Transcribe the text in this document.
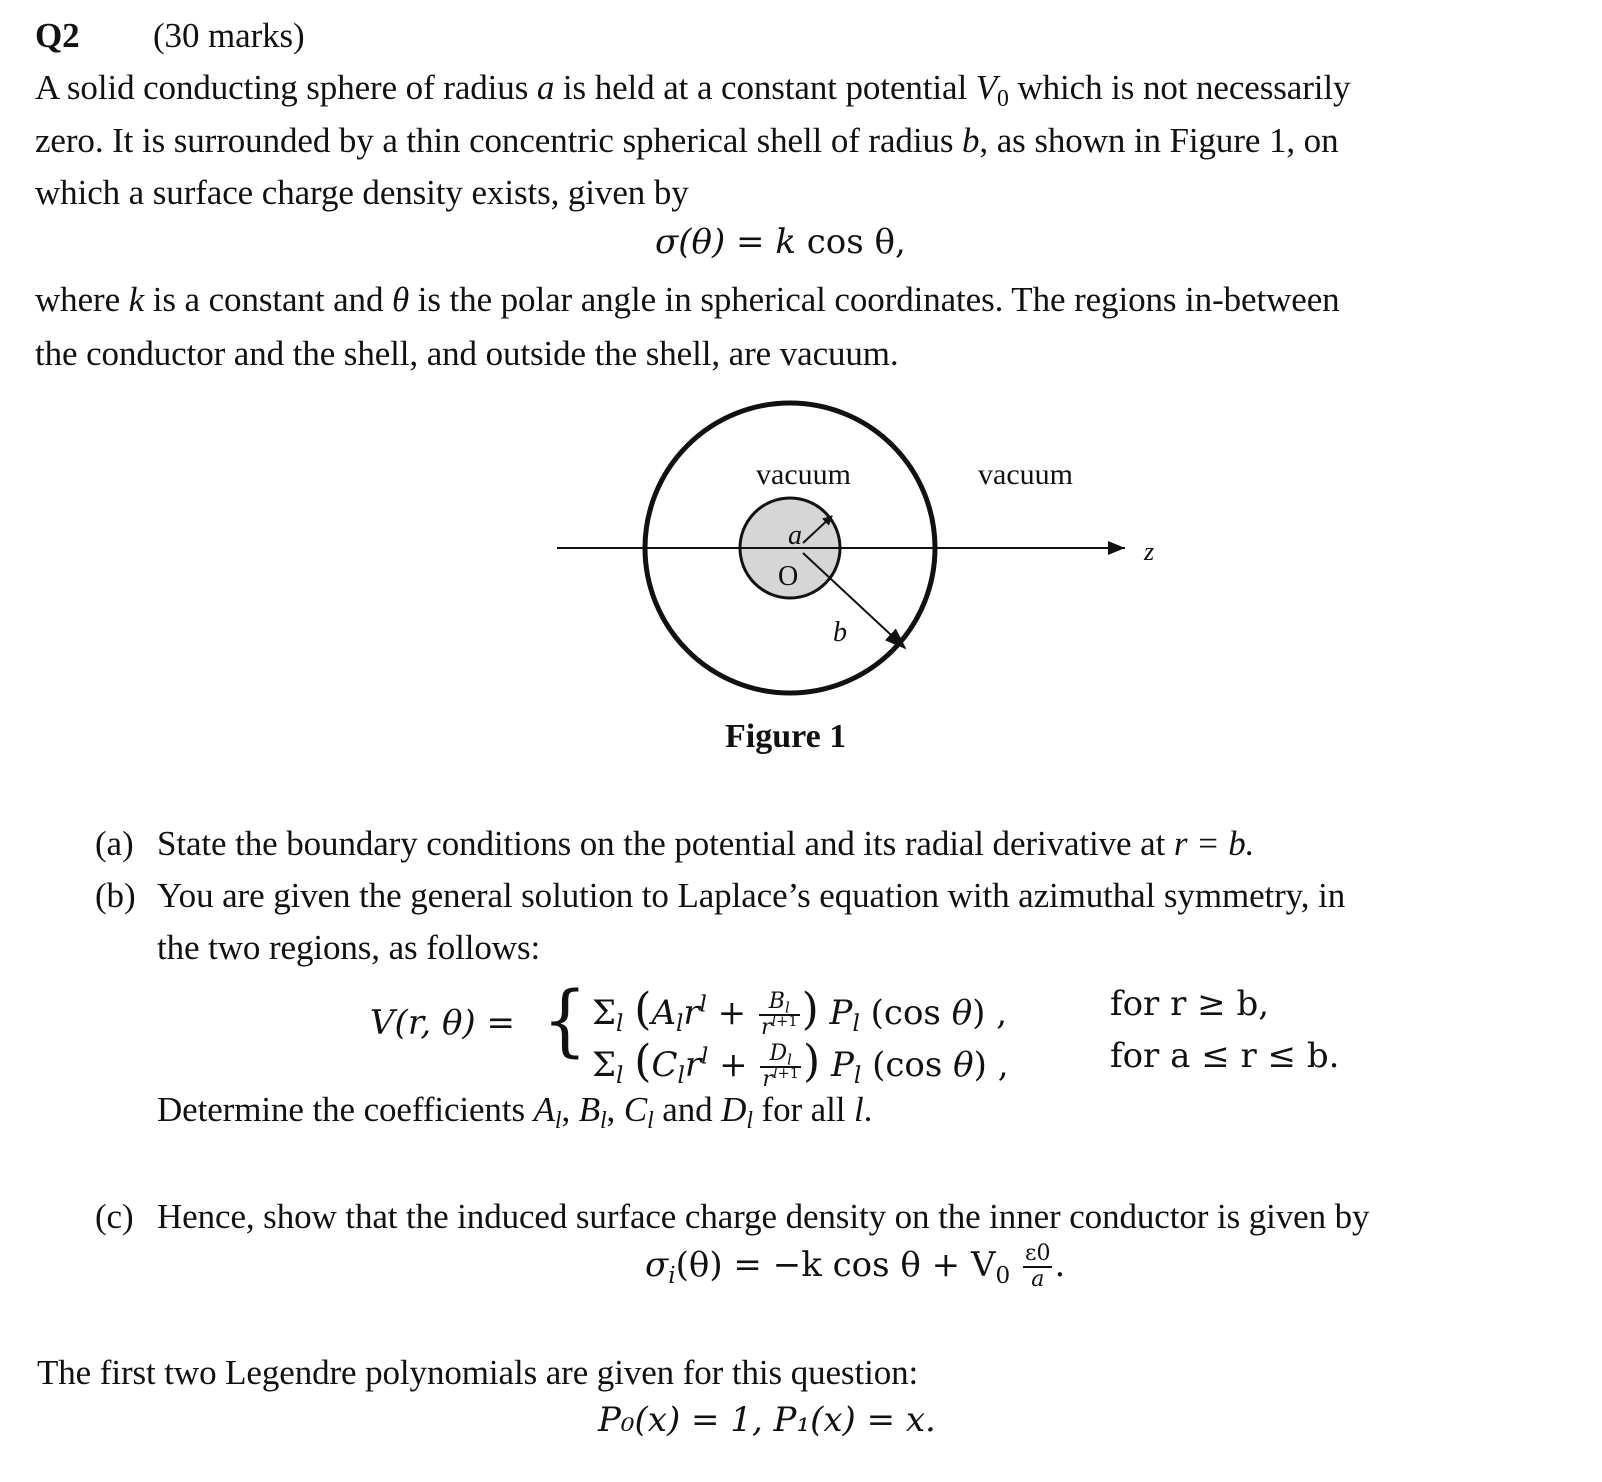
Q2 (30 marks)
A solid conducting sphere of radius a is held at a constant potential $V_0$ which is not necessarily
zero. It is surrounded by a thin concentric spherical shell of radius b, as shown in Figure 1, on
which a surface charge density exists, given by
σ(θ) = k cos θ,
where k is a constant and θ is the polar angle in spherical coordinates. The regions in-between
the conductor and the shell, and outside the shell, are vacuum.
vacuum	vacuum
a
O
b
z
Figure 1
(a) State the boundary conditions on the potential and its radial derivative at r = b.
(b) You are given the general solution to Laplace’s equation with azimuthal symmetry, in
the two regions, as follows:
V(r, θ) = { $\Sigma_l$ ($A_lr^l + \frac{B_l}{r^{l+1}}$ ) $P_l$ (cos θ) ,	for r ≥ b,
$\Sigma_l$ ($C_lr^l + \frac{D_l}{r^{l+1}}$ ) $P_l$ (cos θ) ,	for a ≤ r ≤ b.
Determine the coefficients $A_l$, $B_l$, $C_l$ and $D_l$ for all l.
(c) Hence, show that the induced surface charge density on the inner conductor is given by
$\sigma_i(\theta) = -k$ $\cos \theta + V_0 \frac{\varepsilon 0}{a}$ .
The first two Legendre polynomials are given for this question:
P₀(x) = 1, P₁(x) = x.
